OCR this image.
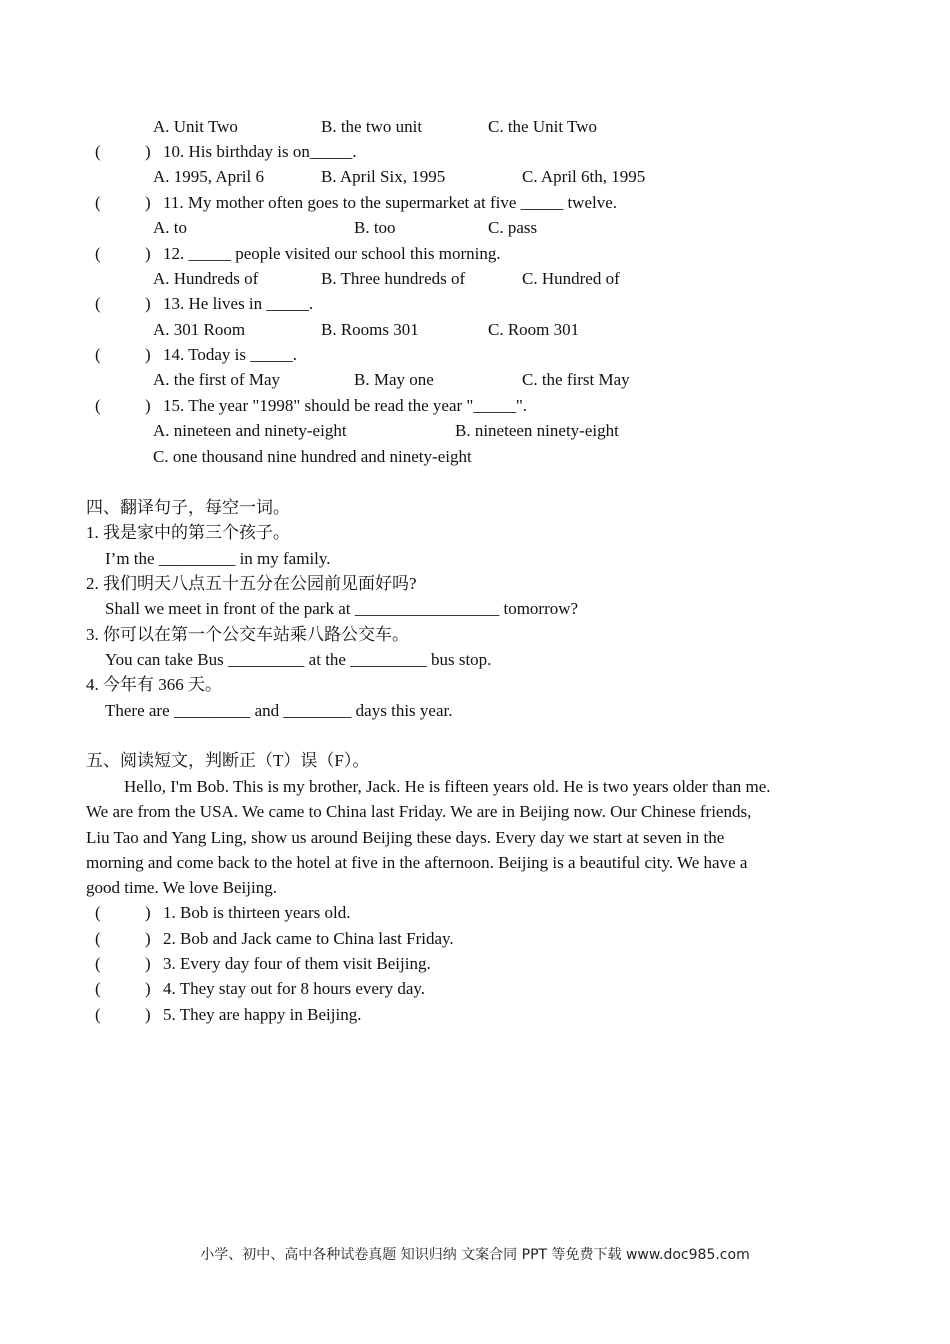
A. Unit Two	B. the two unit	C. the Unit Two
(	) 10. His birthday is on_____.
A. 1995, April 6	B. April Six, 1995	C. April 6th, 1995
(	) 11. My mother often goes to the supermarket at five _____ twelve.
A. to	B. too	C. pass
(	) 12. _____ people visited our school this morning.
A. Hundreds of	B. Three hundreds of	C. Hundred of
(	) 13. He lives in _____.
A. 301 Room	B. Rooms 301	C. Room 301
(	) 14. Today is _____.
A. the first of May	B. May one	C. the first May
(	) 15. The year "1998" should be read the year "_____".
A. nineteen and ninety-eight	B. nineteen ninety-eight
C. one thousand nine hundred and ninety-eight
四、翻译句子，每空一词。
1. 我是家中的第三个孩子。
I’m the _________ in my family.
2. 我们明天八点五十五分在公园前见面好吗?
Shall we meet in front of the park at _________________ tomorrow?
3. 你可以在第一个公交车站乘八路公交车。
You can take Bus _________ at the _________ bus stop.
4. 今年有 366 天。
There are _________ and ________ days this year.
五、阅读短文，判断正（T）误（F）。
Hello, I'm Bob. This is my brother, Jack. He is fifteen years old. He is two years older than me.
We are from the USA. We came to China last Friday. We are in Beijing now. Our Chinese friends,
Liu Tao and Yang Ling, show us around Beijing these days. Every day we start at seven in the
morning and come back to the hotel at five in the afternoon. Beijing is a beautiful city. We have a
good time. We love Beijing.
(	) 1. Bob is thirteen years old.
(	) 2. Bob and Jack came to China last Friday.
(	) 3. Every day four of them visit Beijing.
(	) 4. They stay out for 8 hours every day.
(	) 5. They are happy in Beijing.
小学、初中、高中各种试卷真题 知识归纳 文案合同 PPT 等免费下载 www.doc985.com
